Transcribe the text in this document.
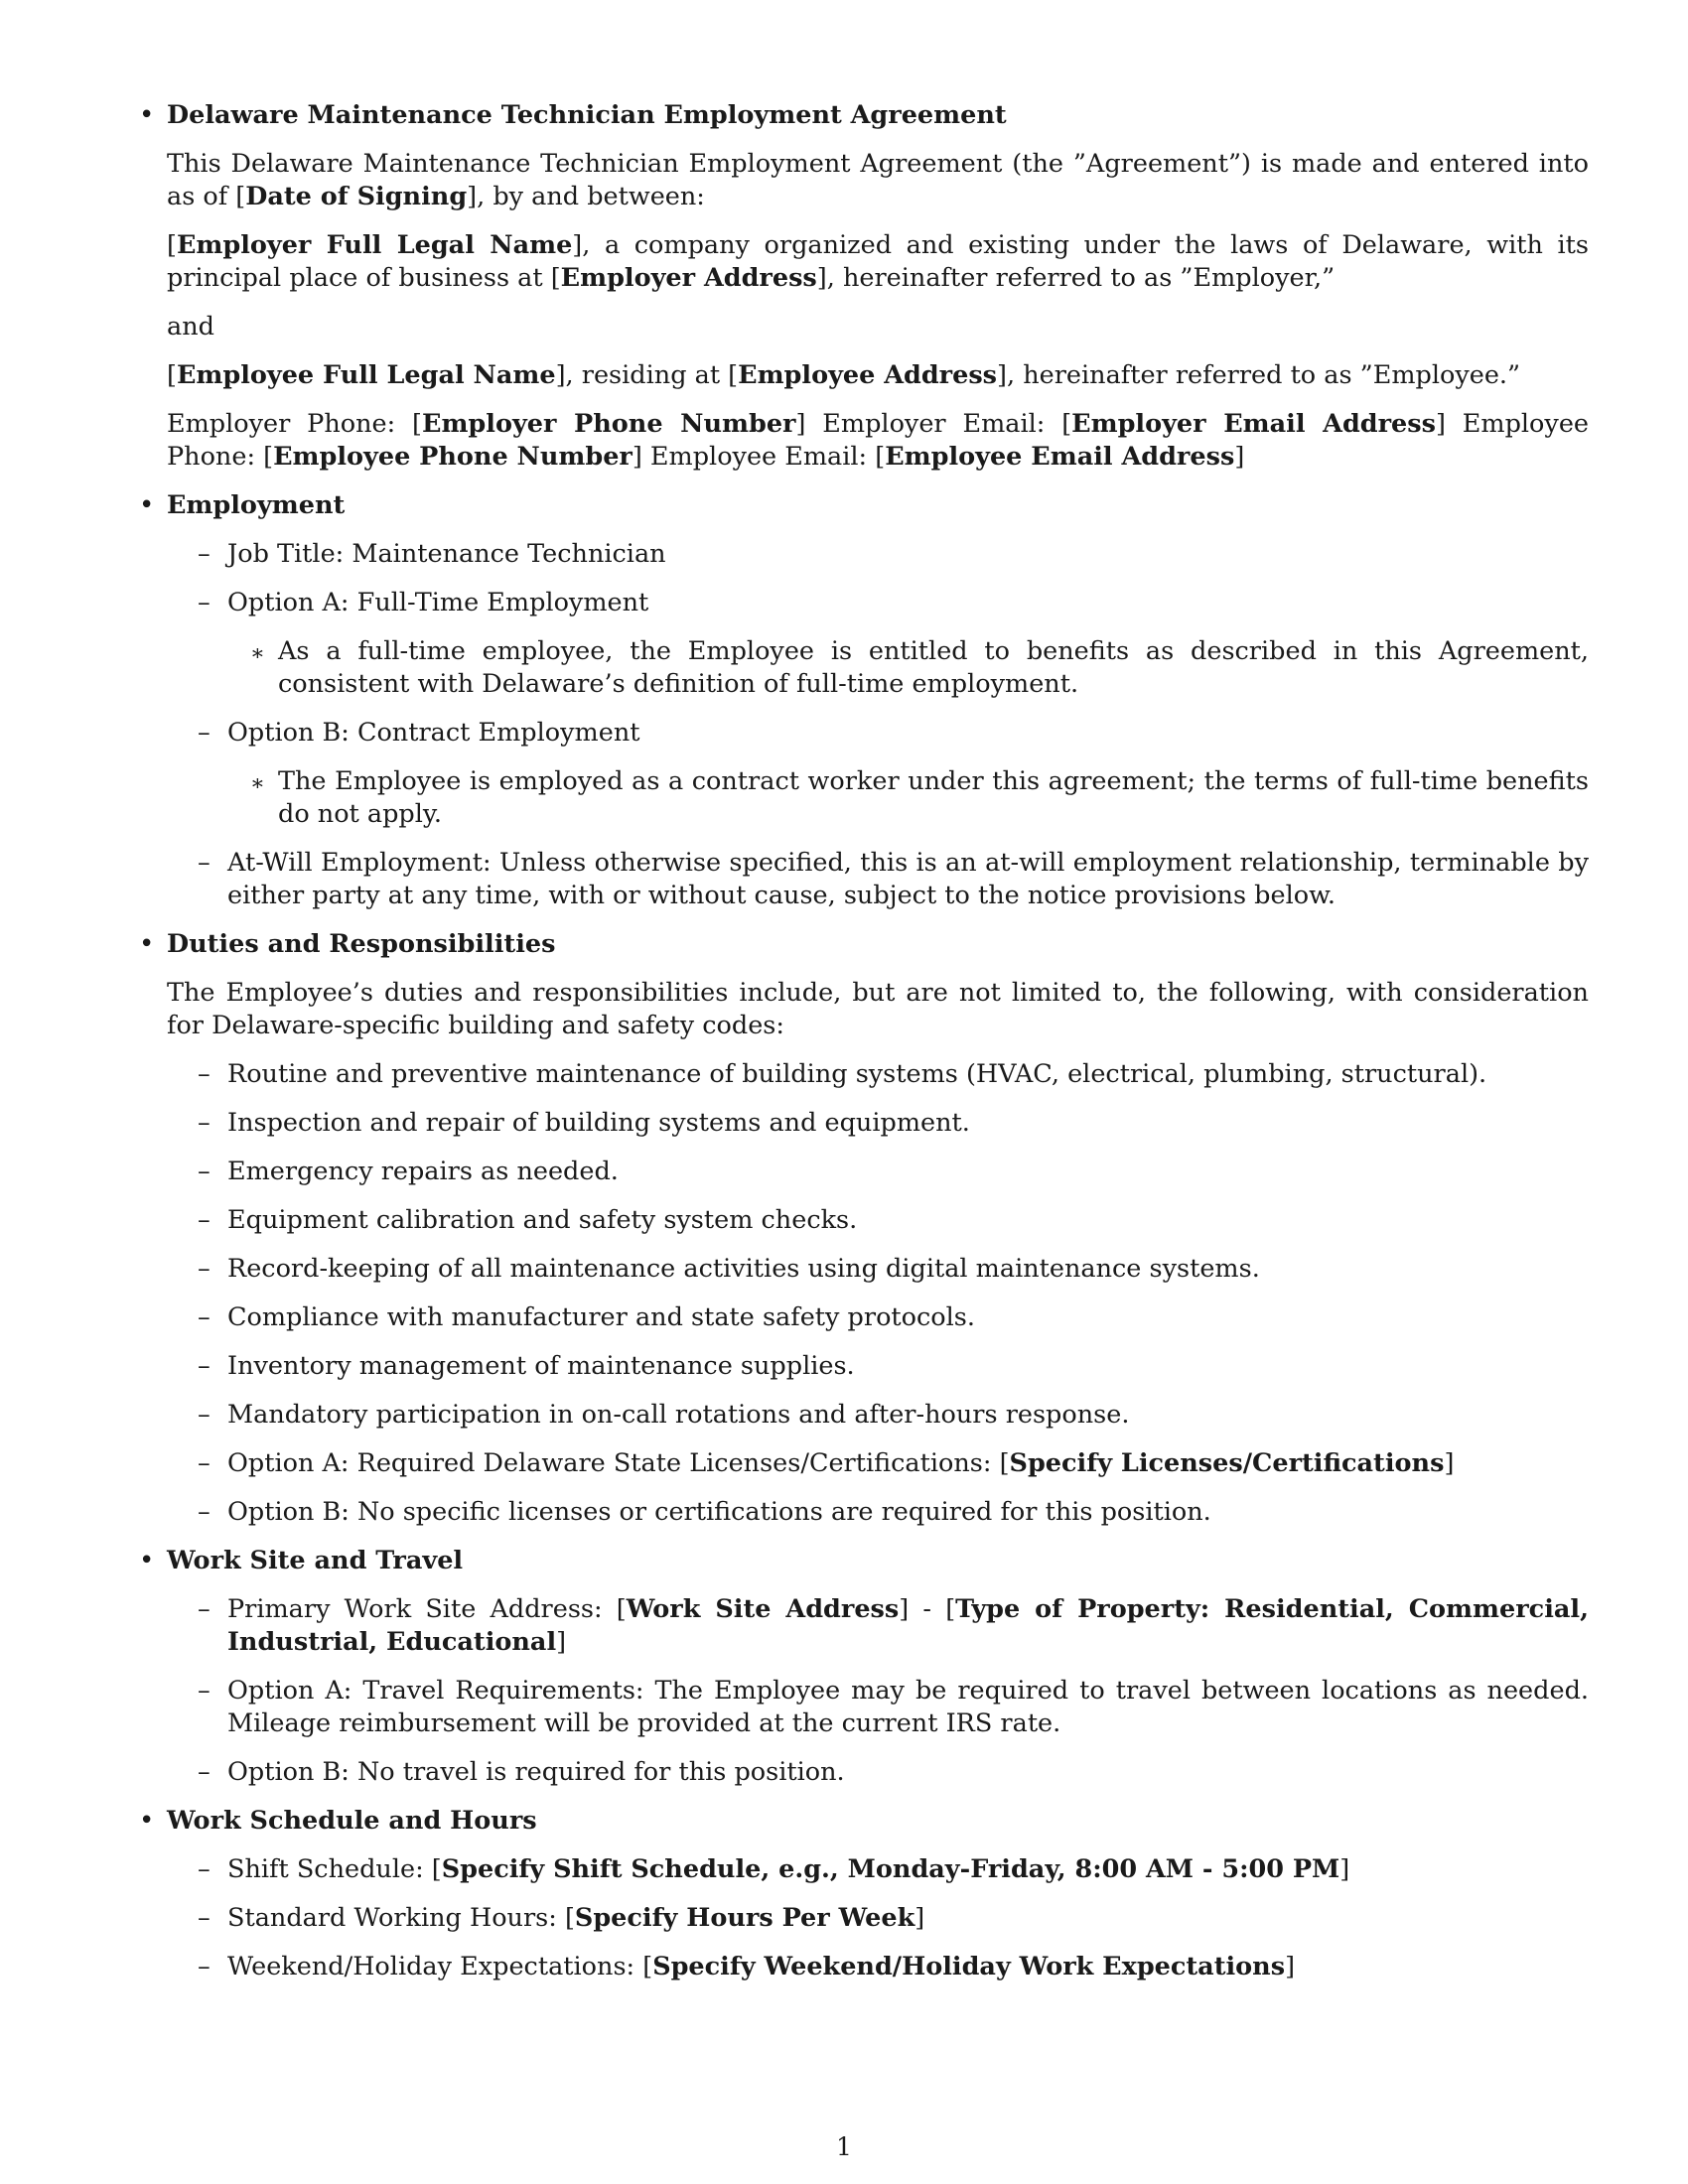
• Delaware Maintenance Technician Employment Agreement
This Delaware Maintenance Technician Employment Agreement (the ”Agreement”) is made and entered into as of [Date of Signing], by and between:
[Employer Full Legal Name], a company organized and existing under the laws of Delaware, with its principal place of business at [Employer Address], hereinafter referred to as ”Employer,”
and
[Employee Full Legal Name], residing at [Employee Address], hereinafter referred to as ”Employee.”
Employer Phone: [Employer Phone Number] Employer Email: [Employer Email Address] Employee Phone: [Employee Phone Number] Employee Email: [Employee Email Address]
• Employment
– Job Title: Maintenance Technician
– Option A: Full-Time Employment
∗ As a full-time employee, the Employee is entitled to benefits as described in this Agreement, consistent with Delaware’s definition of full-time employment.
– Option B: Contract Employment
∗ The Employee is employed as a contract worker under this agreement; the terms of full-time benefits do not apply.
– At-Will Employment: Unless otherwise specified, this is an at-will employment relationship, terminable by either party at any time, with or without cause, subject to the notice provisions below.
• Duties and Responsibilities
The Employee’s duties and responsibilities include, but are not limited to, the following, with consideration for Delaware-specific building and safety codes:
– Routine and preventive maintenance of building systems (HVAC, electrical, plumbing, structural).
– Inspection and repair of building systems and equipment.
– Emergency repairs as needed.
– Equipment calibration and safety system checks.
– Record-keeping of all maintenance activities using digital maintenance systems.
– Compliance with manufacturer and state safety protocols.
– Inventory management of maintenance supplies.
– Mandatory participation in on-call rotations and after-hours response.
– Option A: Required Delaware State Licenses/Certifications: [Specify Licenses/Certifications]
– Option B: No specific licenses or certifications are required for this position.
• Work Site and Travel
– Primary Work Site Address: [Work Site Address] - [Type of Property: Residential, Commercial, Industrial, Educational]
– Option A: Travel Requirements: The Employee may be required to travel between locations as needed. Mileage reimbursement will be provided at the current IRS rate.
– Option B: No travel is required for this position.
• Work Schedule and Hours
– Shift Schedule: [Specify Shift Schedule, e.g., Monday-Friday, 8:00 AM - 5:00 PM]
– Standard Working Hours: [Specify Hours Per Week]
– Weekend/Holiday Expectations: [Specify Weekend/Holiday Work Expectations]
1
